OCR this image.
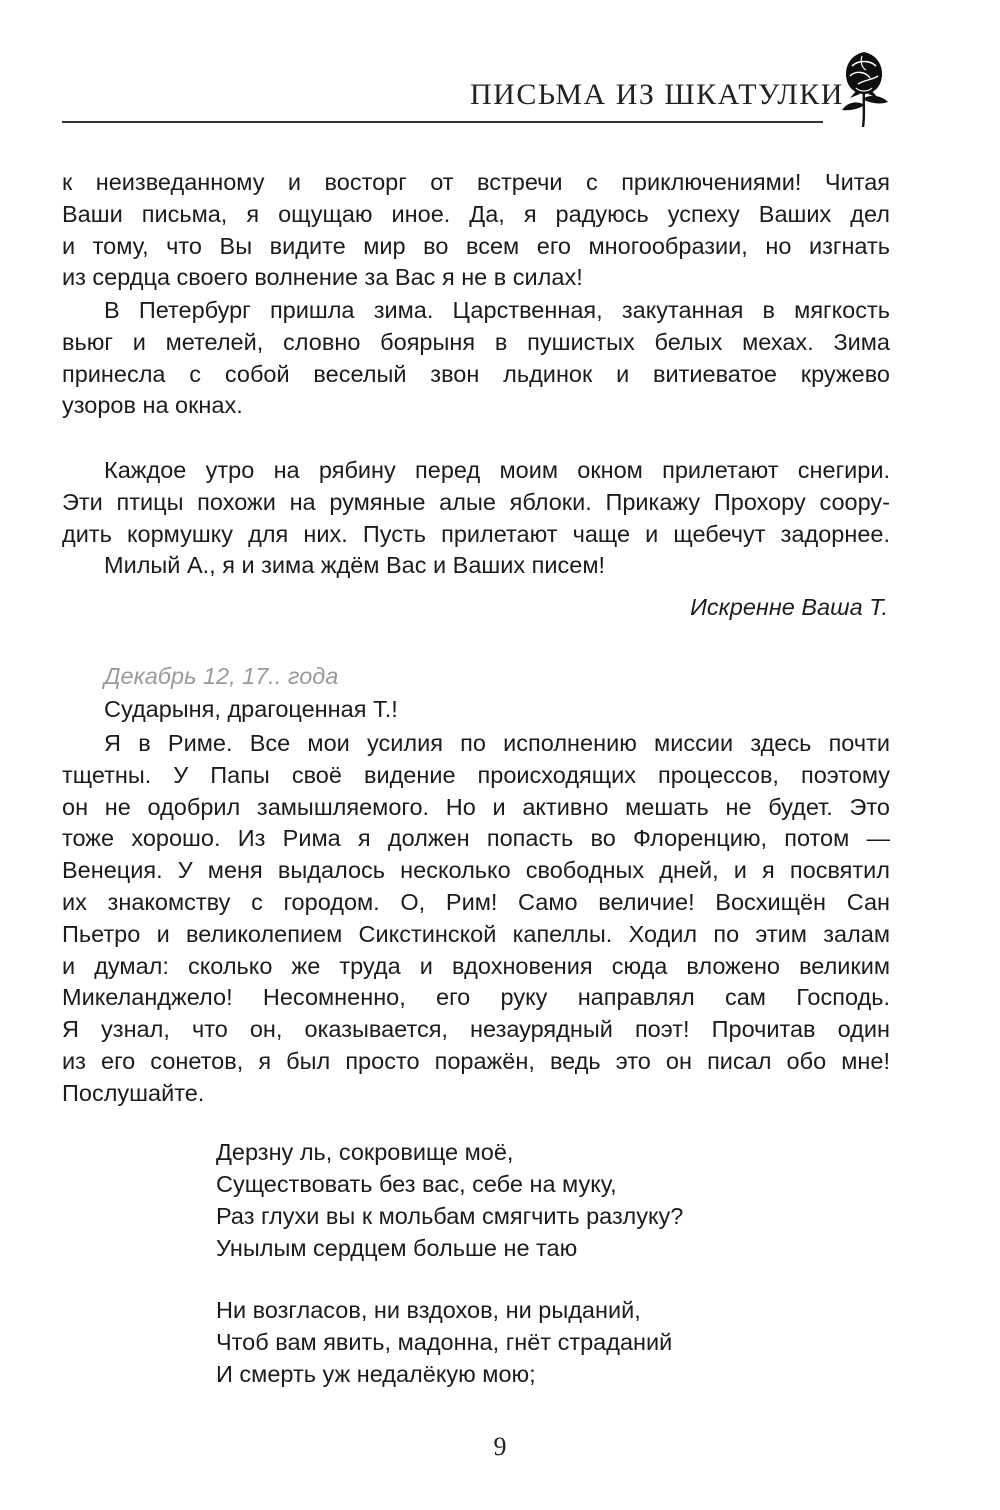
ПИСЬМА ИЗ ШКАТУЛКИ

к неизведанному и восторг от встречи с приключениями! Читая
Ваши письма, я ощущаю иное. Да, я радуюсь успеху Ваших дел
и тому, что Вы видите мир во всем его многообразии, но изгнать
из сердца своего волнение за Вас я не в силах!

В Петербург пришла зима. Царственная, закутанная в мягкость
вьюг и метелей, словно боярыня в пушистых белых мехах. Зима
принесла с собой веселый звон льдинок и витиеватое кружево
узоров на окнах.

Каждое утро на рябину перед моим окном прилетают снегири.
Эти птицы похожи на румяные алые яблоки. Прикажу Прохору соору-
дить кормушку для них. Пусть прилетают чаще и щебечут задорнее.
Милый А., я и зима ждём Вас и Ваших писем!

Искренне Ваша Т.
Декабрь 12, 17.. года
Сударыня, драгоценная Т.!

Я в Риме. Все мои усилия по исполнению миссии здесь почти
тщетны. У Папы своё видение происходящих процессов, поэтому
он не одобрил замышляемого. Но и активно мешать не будет. Это
тоже хорошо. Из Рима я должен попасть во Флоренцию, потом —
Венеция. У меня выдалось несколько свободных дней, и я посвятил
их знакомству с городом. О, Рим! Само величие! Восхищён Сан
Пьетро и великолепием Сикстинской капеллы. Ходил по этим залам
и думал: сколько же труда и вдохновения сюда вложено великим
Микеланджело! Несомненно, его руку направлял сам Господь.
Я узнал, что он, оказывается, незаурядный поэт! Прочитав один
из его сонетов, я был просто поражён, ведь это он писал обо мне!
Послушайте.

Дерзну ль, сокровище моё,
Существовать без вас, себе на муку,
Раз глухи вы к мольбам смягчить разлуку?
Унылым сердцем больше не таю
Ни возгласов, ни вздохов, ни рыданий,
Чтоб вам явить, мадонна, гнёт страданий
И смерть уж недалёкую мою;
9
